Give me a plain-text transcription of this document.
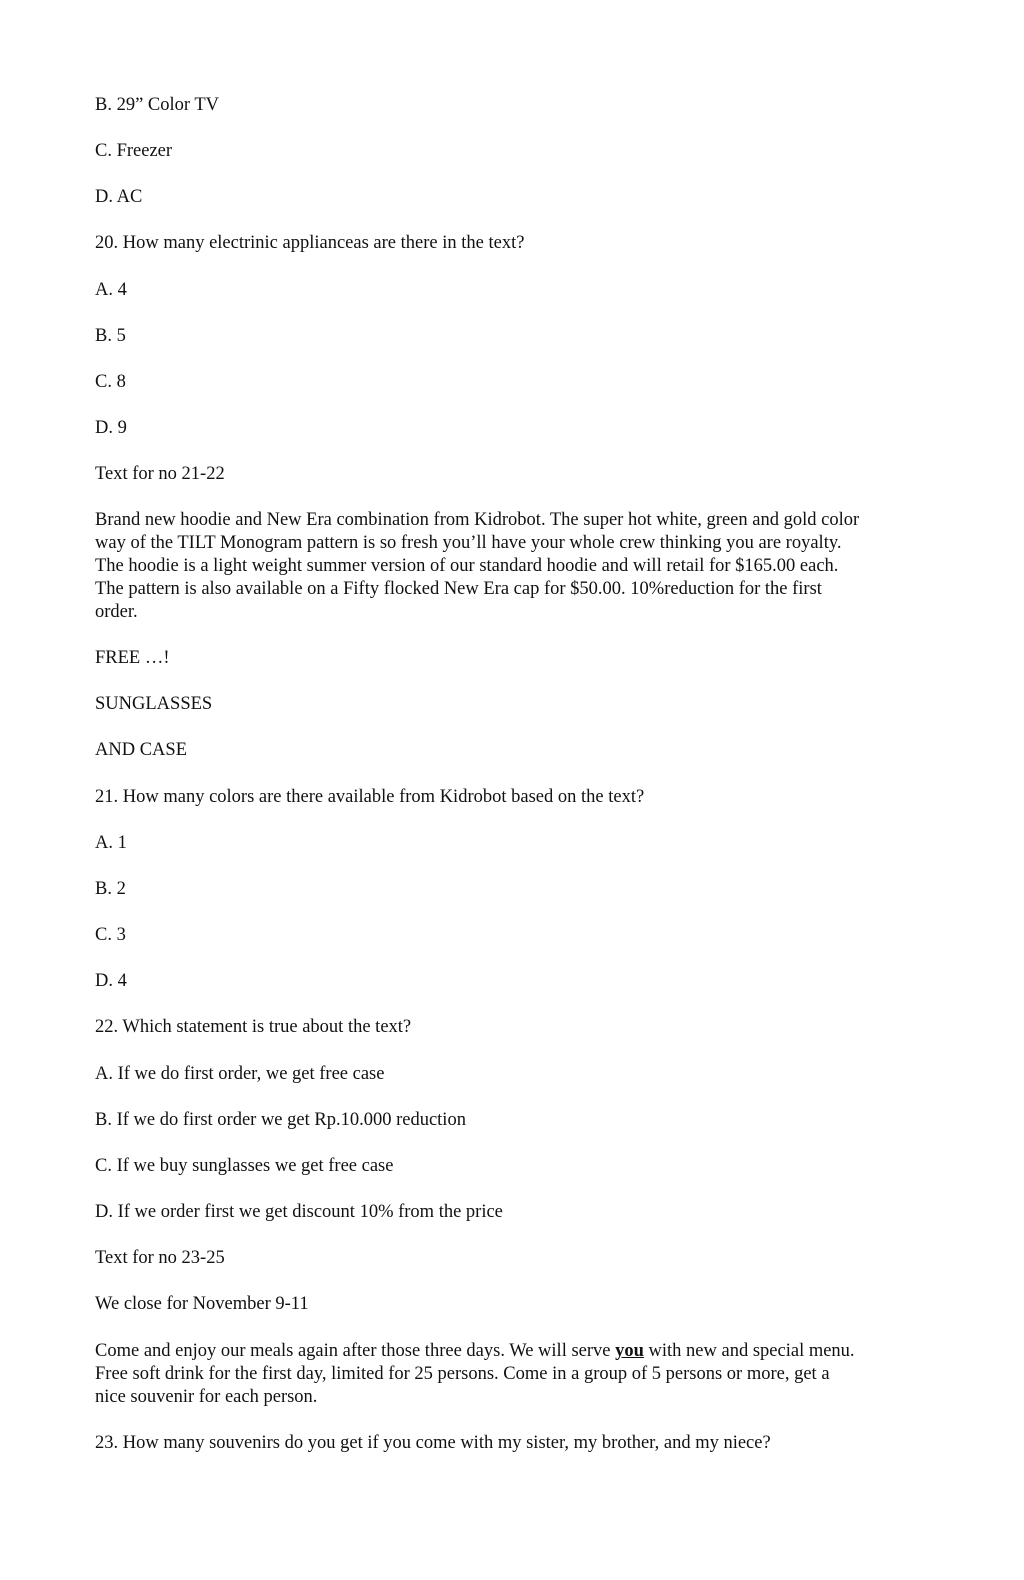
B. 29” Color TV
C. Freezer
D. AC
20. How many electrinic applianceas are there in the text?
A. 4
B. 5
C. 8
D. 9
Text for no 21-22
Brand new hoodie and New Era combination from Kidrobot. The super hot white, green and gold color
way of the TILT Monogram pattern is so fresh you’ll have your whole crew thinking you are royalty.
The hoodie is a light weight summer version of our standard hoodie and will retail for $165.00 each.
The pattern is also available on a Fifty flocked New Era cap for $50.00. 10%reduction for the first
order.
FREE …!
SUNGLASSES
AND CASE
21. How many colors are there available from Kidrobot based on the text?
A. 1
B. 2
C. 3
D. 4
22. Which statement is true about the text?
A. If we do first order, we get free case
B. If we do first order we get Rp.10.000 reduction
C. If we buy sunglasses we get free case
D. If we order first we get discount 10% from the price
Text for no 23-25
We close for November 9-11
Come and enjoy our meals again after those three days. We will serve you with new and special menu.
Free soft drink for the first day, limited for 25 persons. Come in a group of 5 persons or more, get a
nice souvenir for each person.
23. How many souvenirs do you get if you come with my sister, my brother, and my niece?
